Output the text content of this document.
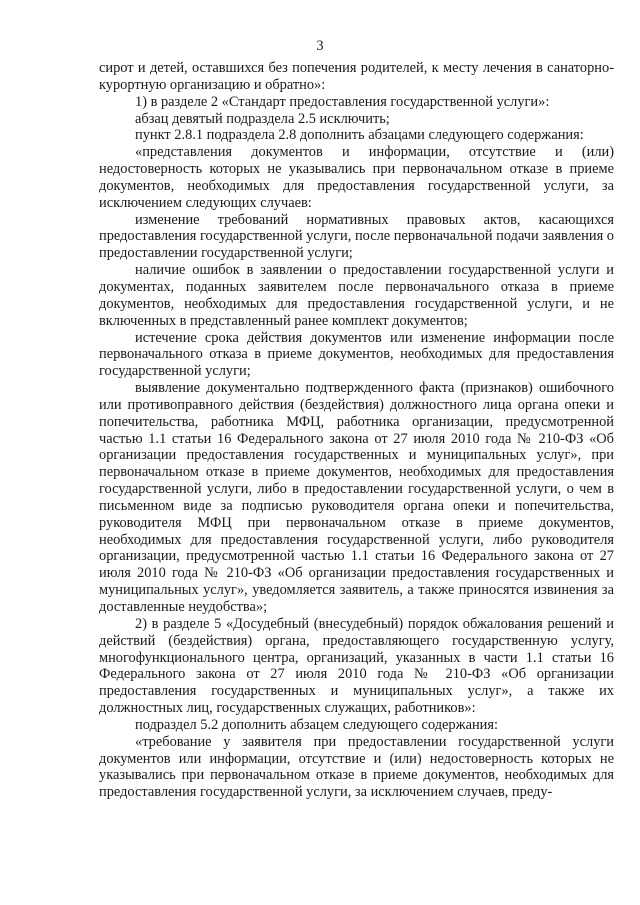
3

сирот и детей, оставшихся без попечения родителей, к месту лечения в санаторно-курортную организацию и обратно»:

1) в разделе 2 «Стандарт предоставления государственной услуги»:

абзац девятый подраздела 2.5 исключить;

пункт 2.8.1 подраздела 2.8 дополнить абзацами следующего содержания:

«представления документов и информации, отсутствие и (или) недостоверность которых не указывались при первоначальном отказе в приеме документов, необходимых для предоставления государственной услуги, за исключением следующих случаев:

изменение требований нормативных правовых актов, касающихся предоставления государственной услуги, после первоначальной подачи заявления о предоставлении государственной услуги;

наличие ошибок в заявлении о предоставлении государственной услуги и документах, поданных заявителем после первоначального отказа в приеме документов, необходимых для предоставления государственной услуги, и не включенных в представленный ранее комплект документов;

истечение срока действия документов или изменение информации после первоначального отказа в приеме документов, необходимых для предоставления государственной услуги;

выявление документально подтвержденного факта (признаков) ошибочного или противоправного действия (бездействия) должностного лица органа опеки и попечительства, работника МФЦ, работника организации, предусмотренной частью 1.1 статьи 16 Федерального закона от 27 июля 2010 года № 210-ФЗ «Об организации предоставления государственных и муниципальных услуг», при первоначальном отказе в приеме документов, необходимых для предоставления государственной услуги, либо в предоставлении государственной услуги, о чем в письменном виде за подписью руководителя органа опеки и попечительства, руководителя МФЦ при первоначальном отказе в приеме документов, необходимых для предоставления государственной услуги, либо руководителя организации, предусмотренной частью 1.1 статьи 16 Федерального закона от 27 июля 2010 года № 210-ФЗ «Об организации предоставления государственных и муниципальных услуг», уведомляется заявитель, а также приносятся извинения за доставленные неудобства»;

2) в разделе 5 «Досудебный (внесудебный) порядок обжалования решений и действий (бездействия) органа, предоставляющего государственную услугу, многофункционального центра, организаций, указанных в части 1.1 статьи 16 Федерального закона от 27 июля 2010 года № 210-ФЗ «Об организации предоставления государственных и муниципальных услуг», а также их должностных лиц, государственных служащих, работников»:

подраздел 5.2 дополнить абзацем следующего содержания:

«требование у заявителя при предоставлении государственной услуги документов или информации, отсутствие и (или) недостоверность которых не указывались при первоначальном отказе в приеме документов, необходимых для предоставления государственной услуги, за исключением случаев, преду-
